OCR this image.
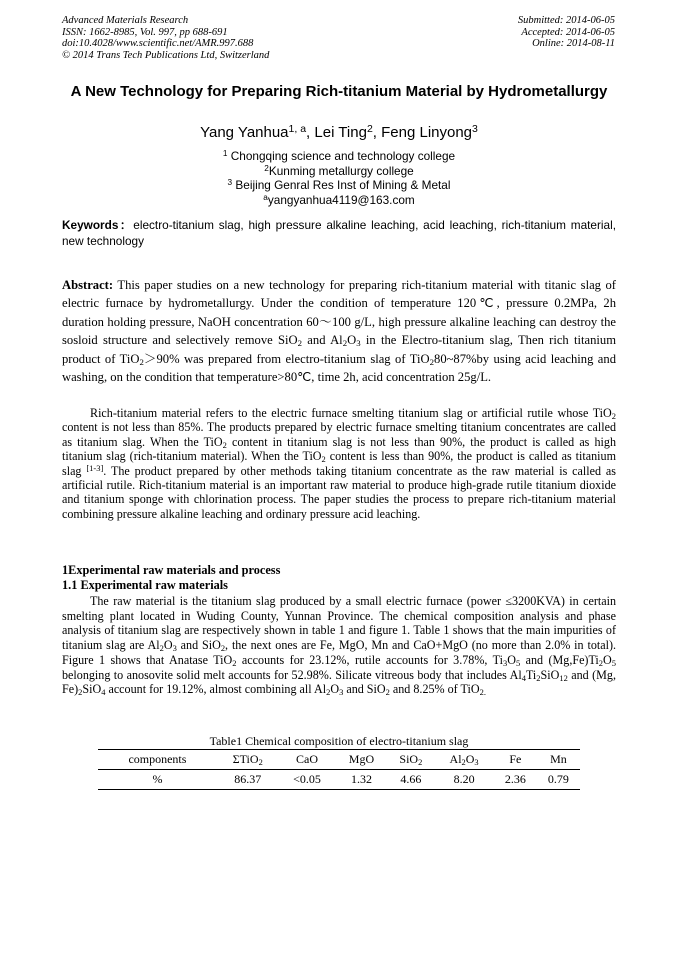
Advanced Materials Research
ISSN: 1662-8985, Vol. 997, pp 688-691
doi:10.4028/www.scientific.net/AMR.997.688
© 2014 Trans Tech Publications Ltd, Switzerland
Submitted: 2014-06-05
Accepted: 2014-06-05
Online: 2014-08-11
A New Technology for Preparing Rich-titanium Material by Hydrometallurgy
Yang Yanhua$^{1, a}$, Lei Ting$^2$, Feng Linyong$^3$
$^1$ Chongqing science and technology college
$^2$Kunming metallurgy college
$^3$ Beijing Genral Res Inst of Mining & Metal
$^a$yangyanhua4119@163.com
Keywords：electro-titanium slag, high pressure alkaline leaching, acid leaching, rich-titanium material, new technology
Abstract: This paper studies on a new technology for preparing rich-titanium material with titanic slag of electric furnace by hydrometallurgy. Under the condition of temperature 120℃, pressure 0.2MPa, 2h duration holding pressure, NaOH concentration 60～100 g/L, high pressure alkaline leaching can destroy the sosloid structure and selectively remove SiO$_2$ and $Al_2O_3$ in the Electro-titanium slag, Then rich titanium product of TiO$_2$＞90% was prepared from electro-titanium slag of TiO$_2$80~87%by using acid leaching and washing, on the condition that temperature>80℃, time 2h, acid concentration 25g/L.
Rich-titanium material refers to the electric furnace smelting titanium slag or artificial rutile whose TiO$_2$ content is not less than 85%. The products prepared by electric furnace smelting titanium concentrates are called as titanium slag. When the TiO$_2$ content in titanium slag is not less than 90%, the product is called as high titanium slag (rich-titanium material). When the TiO$_2$ content is less than 90%, the product is called as titanium slag [1-3]. The product prepared by other methods taking titanium concentrate as the raw material is called as artificial rutile. Rich-titanium material is an important raw material to produce high-grade rutile titanium dioxide and titanium sponge with chlorination process. The paper studies the process to prepare rich-titanium material combining pressure alkaline leaching and ordinary pressure acid leaching.
1Experimental raw materials and process
1.1 Experimental raw materials
The raw material is the titanium slag produced by a small electric furnace (power ≤3200KVA) in certain smelting plant located in Wuding County, Yunnan Province. The chemical composition analysis and phase analysis of titanium slag are respectively shown in table 1 and figure 1. Table 1 shows that the main impurities of titanium slag are $Al_2O_3$ and SiO$_2$, the next ones are Fe, MgO, Mn and CaO+MgO (no more than 2.0% in total). Figure 1 shows that Anatase TiO$_2$ accounts for 23.12%, rutile accounts for 3.78%, $Ti_3O_5$ and $(Mg,Fe)Ti_2O_5$ belonging to anosovite solid melt accounts for 52.98%. Silicate vitreous body that includes $Al_4Ti_2SiO_{12}$ and (Mg, $Fe)_2SiO_4$ account for 19.12%, almost combining all $Al_2O_3$ and SiO$_2$ and 8.25% of TiO$_{2.}$
Table1 Chemical composition of electro-titanium slag
components	ΣTiO$_2$	CaO	MgO	SiO$_2$	$Al_2O_3$	Fe	Mn
%	86.37	<0.05	1.32	4.66	8.20	2.36	0.79
